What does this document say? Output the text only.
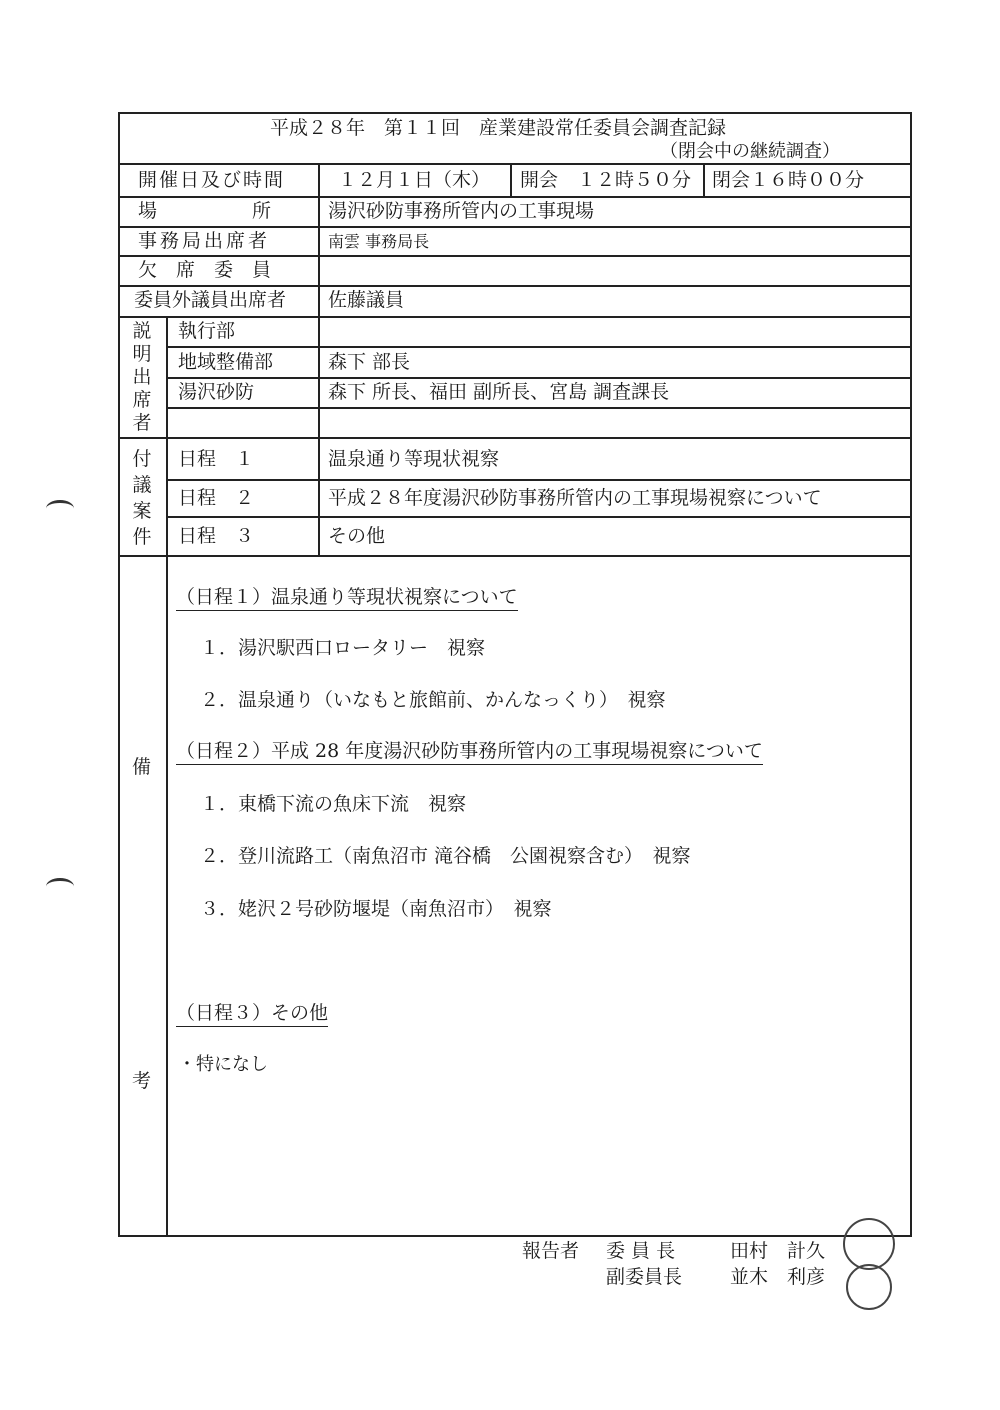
平成２８年　第１１回　産業建設常任委員会調査記録
（閉会中の継続調査）
開催日及び時間	１２月１日（木） 開会　１２時５０分 閉会１６時００分
場　　　　　所	湯沢砂防事務所管内の工事現場
事務局出席者	南雲 事務局長
欠　席　委　員
委員外議員出席者 佐藤議員
説
明
出
席
者
執行部
地域整備部	森下 部長
湯沢砂防	森下 所長、福田 副所長、宮島 調査課長
付
議
案
件
日程　１	温泉通り等現状視察
日程　２	平成２８年度湯沢砂防事務所管内の工事現場視察について
日程　３	その他
備
考
（日程１）温泉通り等現状視察について
１．湯沢駅西口ロータリー　視察
２．温泉通り（いなもと旅館前、かんなっくり）　視察
（日程２）平成 28 年度湯沢砂防事務所管内の工事現場視察について
１．東橋下流の魚床下流　視察
２．登川流路工（南魚沼市 滝谷橋　公園視察含む）　視察
３．姥沢２号砂防堰堤（南魚沼市）　視察
（日程３）その他
・特になし
報告者 委 員 長	田村　計久
副委員長	並木　利彦
